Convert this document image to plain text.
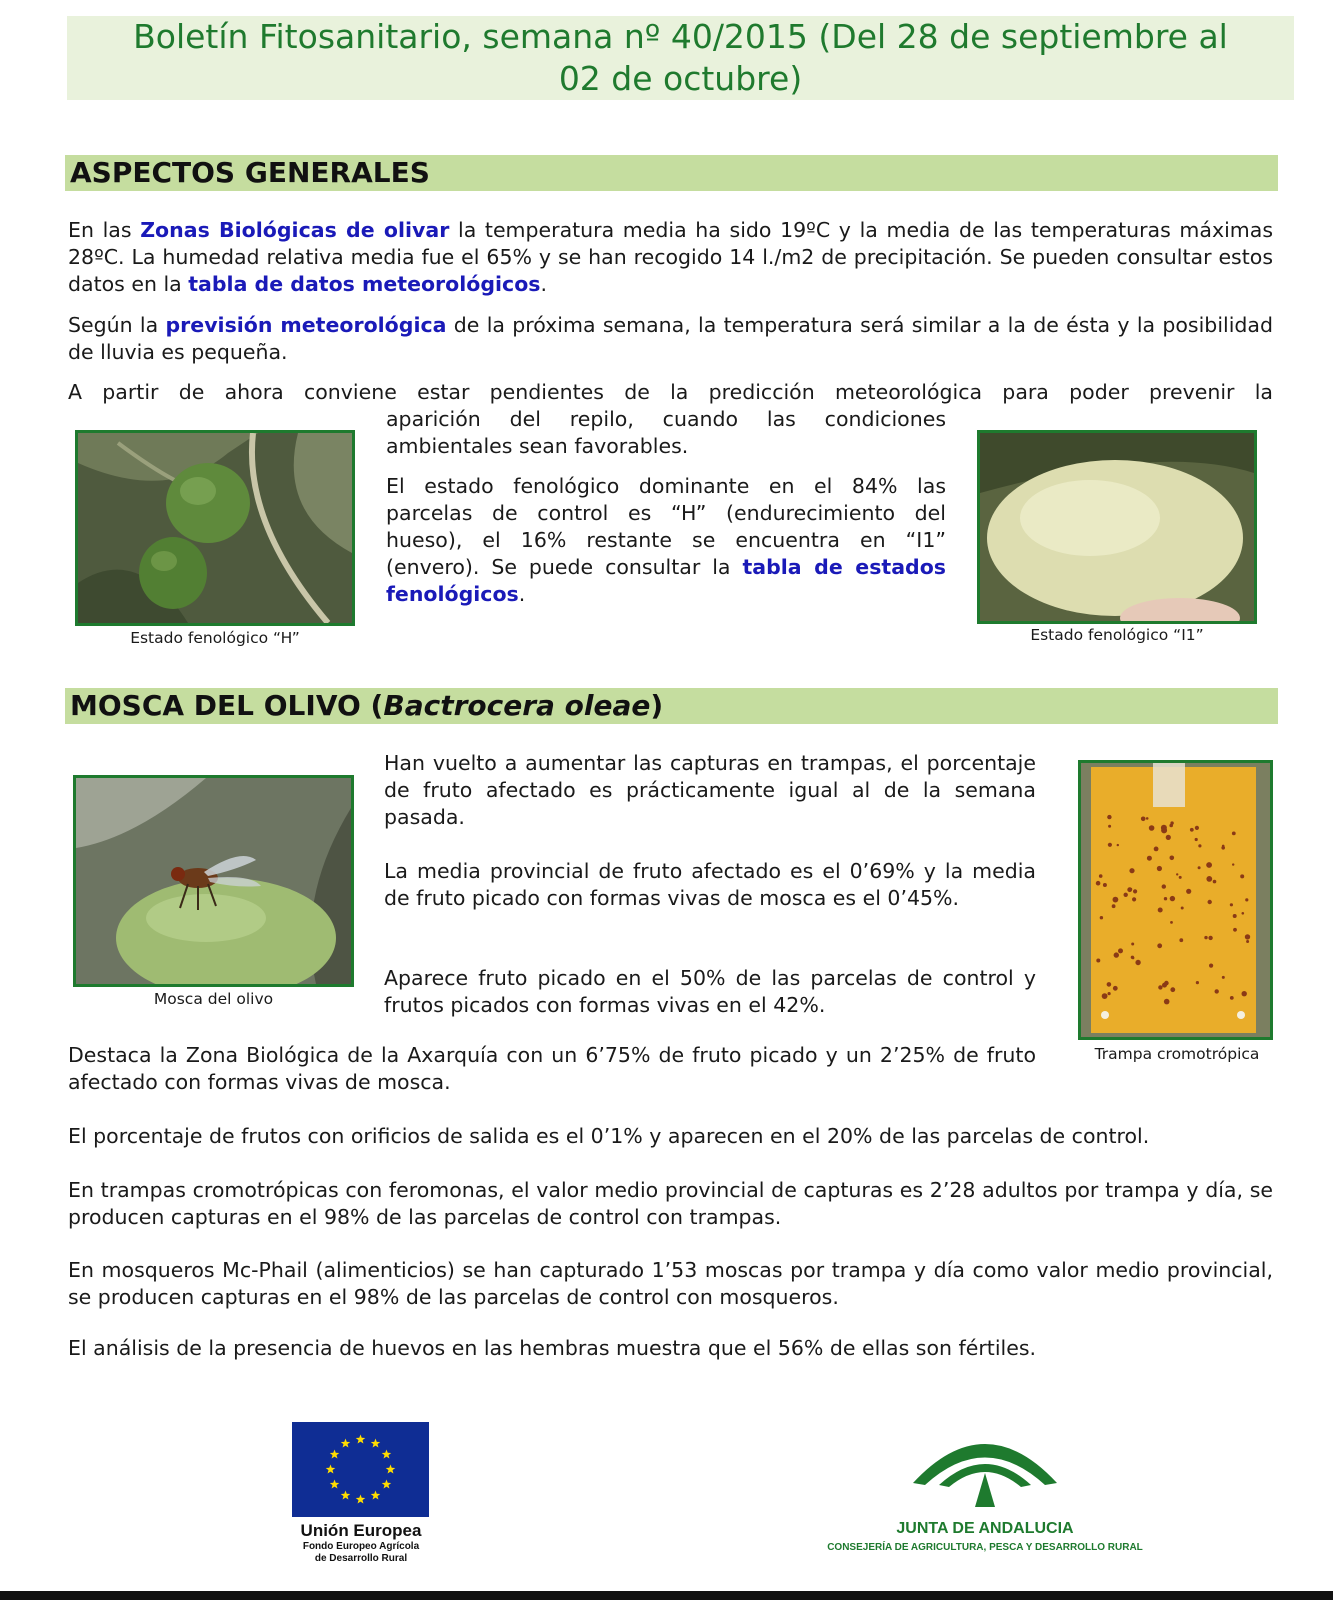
Boletín Fitosanitario, semana nº 40/2015 (Del 28 de septiembre al
02 de octubre)
ASPECTOS GENERALES

En las Zonas Biológicas de olivar la temperatura media ha sido 19ºC y la media de las temperaturas máximas 28ºC. La humedad relativa media fue el 65% y se han recogido 14 l./m2 de precipitación. Se pueden consultar estos datos en la tabla de datos meteorológicos.

Según la previsión meteorológica de la próxima semana, la temperatura será similar a la de ésta y la posibilidad de lluvia es pequeña.

A partir de ahora conviene estar pendientes de la predicción meteorológica para poder prevenir la

aparición del repilo, cuando las condiciones ambientales sean favorables.

El estado fenológico dominante en el 84% las parcelas de control es “H” (endurecimiento del hueso), el 16% restante se encuentra en “I1” (envero). Se puede consultar la tabla de estados fenológicos.

Estado fenológico “H”	Estado fenológico “I1”
MOSCA DEL OLIVO (Bactrocera oleae)
Mosca del olivo
Trampa cromotrópica

Han vuelto a aumentar las capturas en trampas, el porcentaje de fruto afectado es prácticamente igual al de la semana pasada.

La media provincial de fruto afectado es el 0’69% y la media de fruto picado con formas vivas de mosca es el 0’45%.

Aparece fruto picado en el 50% de las parcelas de control y frutos picados con formas vivas en el 42%.

Destaca la Zona Biológica de la Axarquía con un 6’75% de fruto picado y un 2’25% de fruto afectado con formas vivas de mosca.

El porcentaje de frutos con orificios de salida es el 0’1% y aparecen en el 20% de las parcelas de control.

En trampas cromotrópicas con feromonas, el valor medio provincial de capturas es 2’28 adultos por trampa y día, se producen capturas en el 98% de las parcelas de control con trampas.

En mosqueros Mc-Phail (alimenticios) se han capturado 1’53 moscas por trampa y día como valor medio provincial, se producen capturas en el 98% de las parcelas de control con mosqueros.

El análisis de la presencia de huevos en las hembras muestra que el 56% de ellas son fértiles.

Unión Europea
Fondo Europeo Agrícola
de Desarrollo Rural
JUNTA DE ANDALUCIA
CONSEJERÍA DE AGRICULTURA, PESCA Y DESARROLLO RURAL
